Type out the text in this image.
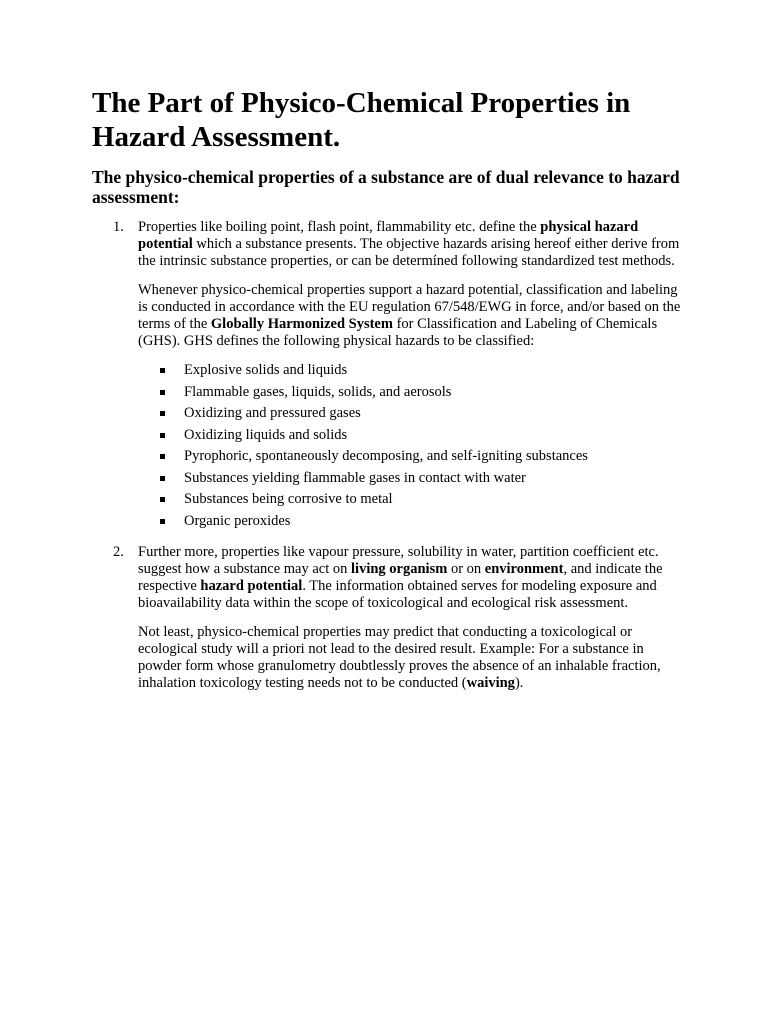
The Part of Physico-Chemical Properties in Hazard Assessment.
The physico-chemical properties of a substance are of dual relevance to hazard assessment:
1. Properties like boiling point, flash point, flammability etc. define the physical hazard potential which a substance presents. The objective hazards arising hereof either derive from the intrinsic substance properties, or can be determíned following standardized test methods.

Whenever physico-chemical properties support a hazard potential, classification and labeling is conducted in accordance with the EU regulation 67/548/EWG in force, and/or based on the terms of the Globally Harmonized System for Classification and Labeling of Chemicals (GHS). GHS defines the following physical hazards to be classified:

Explosive solids and liquids
Flammable gases, liquids, solids, and aerosols
Oxidizing and pressured gases
Oxidizing liquids and solids
Pyrophoric, spontaneously decomposing, and self-igniting substances
Substances yielding flammable gases in contact with water
Substances being corrosive to metal
Organic peroxides
2. Further more, properties like vapour pressure, solubility in water, partition coefficient etc. suggest how a substance may act on living organism or on environment, and indicate the respective hazard potential. The information obtained serves for modeling exposure and bioavailability data within the scope of toxicological and ecological risk assessment.

Not least, physico-chemical properties may predict that conducting a toxicological or ecological study will a priori not lead to the desired result. Example: For a substance in powder form whose granulometry doubtlessly proves the absence of an inhalable fraction, inhalation toxicology testing needs not to be conducted (waiving).
